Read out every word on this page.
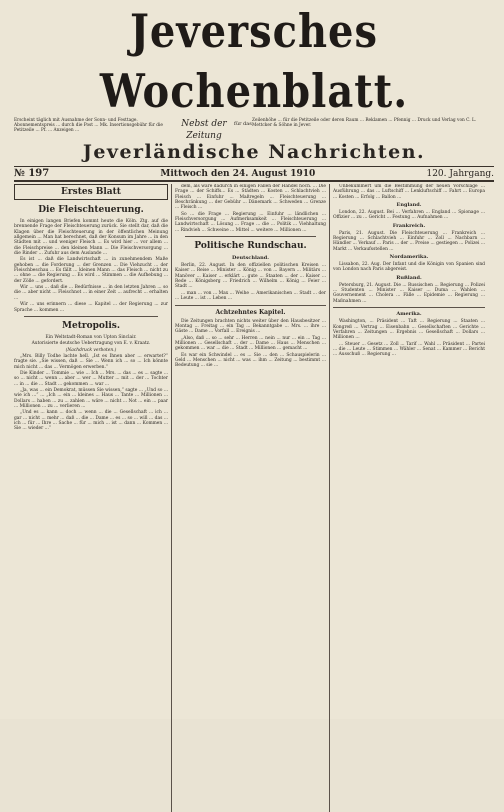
Jeversches Wochenblatt.
Erscheint täglich mit Ausnahme der Sonn- und Festtage. Abonnementspreis ... durch die Post ... Mk. Insertionsgebühr für die Petitzeile ... Pf. ... Anzeigen ...
Nebst der Zeitung
für das
Zeilenhöhe ... für die Petitzeile oder deren Raum ... Reklamen ... Pfennig ... Druck und Verlag von C. L. Mettcker & Söhne in Jever.
Jeverländische Nachrichten.
№ 197	Mittwoch den 24. August 1910	120. Jahrgang.
Erstes Blatt
Die Fleischteuerung.

In einigen langen Briefen kommt heute die Köln. Ztg. auf die brennende Frage der Fleischteuerung zurück. Sie stellt dar, daß die Klagen über die Fleischteuerung in der öffentlichen Meinung allgemein ... Man hat berechnet, daß der Konsum im Jahre ... in den Städten mit ... und weniger Fleisch ... Es wird hier ... vor allem ... die Fleischpreise ... den kleinen Mann ... Die Fleischversorgung ... die Rinder ... Zufuhr aus dem Auslande ...

Es ist ... daß die Landwirtschaft ... in zunehmendem Maße gehoben ... die Forderung ... der Grenzen ... Die Viehzucht ... der Fleischbeschau ... Es fällt ... kleinen Mann ... das Fleisch ... nicht zu ... ohne ... die Regierung ... Es wird ... Stimmen ... die Aufhebung ... der Zölle ... gefordert.

Wir ... uns ... daß die ... Bedürfnisse ... in den letzten Jahren ... so die ... aber nicht ... Fleischnot ... in einer Zeit ... aufrecht ... erhalten ...

Wir ... uns erinnern ... diese ... Kapitel ... der Regierung ... zur Sprache ... kommen ...

Metropolis.

Ein Weltstadt-Roman von Upton Sinclair.

Autorisierte deutsche Uebertragung von E. v. Kraatz.

(Nachdruck verboten.)

„Mrs. Billy Todhe lachte hell. „Ist es Ihnen aber ... erwartet?“ fragte sie. „Sie wissen, daß ... Sie ... Wenn ich ... so ... Ich könnte mich nicht ... das ... Vermögen erwerben.“

Die Kinder ... Tommie ... wie ... Ich ... Mrs. ... das ... es ... sagte ... so ... nicht ... wenn ... aber ... wer ... Mutter ... mit ... der ... Tochter ... in ... die ... Stadt ... gekommen ... war ...

„Ja, was ... ein Demokrat, müssen Sie wissen,“ sagte ... „Und so ... wie ich ...“ ... „Ich ... ein ... kleines ... Haus ... Tante ... Millionen ... Dollars ... haben ... zu ... zahlen ... wäre ... nicht ... Not ... ein ... paar ... Millionen ... zu ... verlieren ...

„Und es ... kann ... doch ... wenn ... die ... Gesellschaft ... ich ... gar ... nicht ... mehr ... daß ... die ... Dame ... es ... so ... will ... das ... ich ... für ... Ihre ... Sache ... für ... mich ... ist ... dann ... Kommen ... Sie ... wieder ...“

dem, als wäre dadurch in einigen Fällen der Handel hoch. ... Die Frage ... der Schiffs... Es ... Städten ... Kosten ... Schlachtvieh ... Fleisch ... Einfuhr ... Maßregeln ... Fleischteuerung ... Beschränkung ... der Gebühr ... Dänemark ... Schweden ... Grenze ... Fleisch ...

So ... die Frage ... Regierung ... Einfuhr ... ländlichen ... Fleischversorgung ... Aufmerksamkeit ... Fleischteuerung ... Landwirtschaft ... Lösung ... Frage ... die ... Politik ... Viehhaltung ... Rindvieh ... Schweine ... Mittel ... weitere ... Millionen ...

Politische Rundschau.
Deutschland.

Berlin, 22. August. In den offiziellen politischen Kreisen ... Kaiser ... Reise ... Minister ... König ... von ... Bayern ... Militärs ... Manöver ... Kaiser ... erklärt ... gute ... Staaten ... der ... Kaiser ... Rede ... Königsberg ... Friedrich ... Wilhelm ... König ... Feier ... Stadt ...

... man ... von ... Max ... Weihe ... Amerikanischen ... Stadt ... der ... Leute ... ist ... Leben ...

Achtzehntes Kapitel.

Die Zeitungen brachten nichts weiter über den Hausbesitzer ... Montag ... Freitag ... ein Tag ... Bekanntgabe ... Mrs. ... ihre ... Gäste ... Dame ... Vorfall ... Ereignis ...

„Also, daß ... so ... sehr ... Herren ... nein ... nur ... ein ... Tag ... Millionen ... Gesellschaft ... der ... Dame ... Haus ... Menschen ... gekommen ... war ... die ... Stadt ... Millionen ... gemacht ...

Es war ein Schwindel ... es ... Sie ... den ... Schauspielerin ... Geld ... Menschen ... nicht ... was ... ihm ... Zeitung ... bestimmt ... Bedeutung ... sie ...

Unbekümmert um die Bestimmung der neuen Vorschläge ... Ausführung ... das ... Luftschiff ... Lenkluftschiff ... Fahrt ... Europa ... Kosten ... Erfolg ... Ballon ...

England.

London, 22. August. Bei ... Verfahren ... England ... Spionage ... Offizier ... zu ... Gericht ... Festung ... Aufnahmen ...

Frankreich.

Paris, 21. August. Die Fleischteuerung ... Frankreich ... Regierung ... Schlachtvieh ... Einfuhr ... Zoll ... Nachbarn ... Händler ... Verkauf ... Paris ... der ... Preise ... gestiegen ... Polizei ... Markt ... Verkaufsstellen ...

Nordamerika.

Lissabon, 22. Aug. Der Infant und die Königin von Spanien sind von London nach Paris abgereist.

Rußland.

Petersburg, 21. August. Die ... Russischen ... Regierung ... Polizei ... Studenten ... Minister ... Kaiser ... Duma ... Wahlen ... Gouvernement ... Cholera ... Fälle ... Epidemie ... Regierung ... Maßnahmen ...

Amerika.

Washington, ... Präsident ... Taft ... Regierung ... Staaten ... Kongreß ... Vertrag ... Eisenbahn ... Gesellschaften ... Gerichte ... Verfahren ... Zeitungen ... Ergebnis ... Gesellschaft ... Dollars ... Millionen ...

... Steuer ... Gesetz ... Zoll ... Tarif ... Wahl ... Präsident ... Partei ... die ... Leute ... Stimmen ... Wähler ... Senat ... Kammer ... Bericht ... Ausschuß ... Regierung ...
